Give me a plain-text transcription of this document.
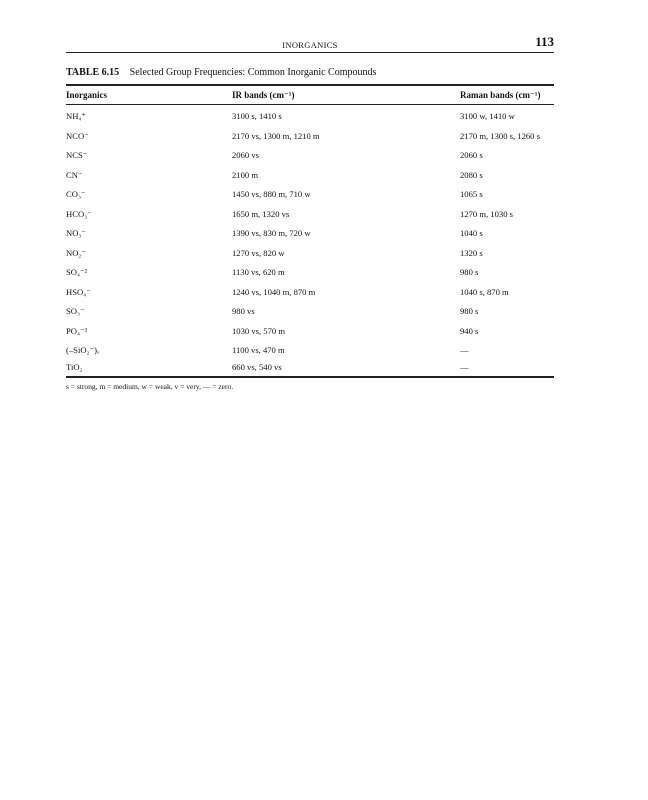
INORGANICS	113
TABLE 6.15 Selected Group Frequencies: Common Inorganic Compounds
Inorganics	IR bands (cm⁻¹)	Raman bands (cm⁻¹)
NH₄⁺	3100 s, 1410 s	3100 w, 1410 w
NCO⁻	2170 vs, 1300 m, 1210 m	2170 m, 1300 s, 1260 s
NCS⁻	2060 vs	2060 s
CN⁻	2100 m	2080 s
CO₃⁻	1450 vs, 880 m, 710 w	1065 s
HCO₃⁻	1650 m, 1320 vs	1270 m, 1030 s
NO₃⁻	1390 vs, 830 m, 720 w	1040 s
NO₂⁻	1270 vs, 820 w	1320 s
SO₄⁻²	1130 vs, 620 m	980 s
HSO₄⁻	1240 vs, 1040 m, 870 m	1040 s, 870 m
SO₃⁻	980 vs	980 s
PO₄⁻³	1030 vs, 570 m	940 s
(–SiO₂⁻)ₓ	1100 vs, 470 m	—
TiO₂	660 vs, 540 vs	—
s = strong, m = medium, w = weak, v = very, — = zero.
